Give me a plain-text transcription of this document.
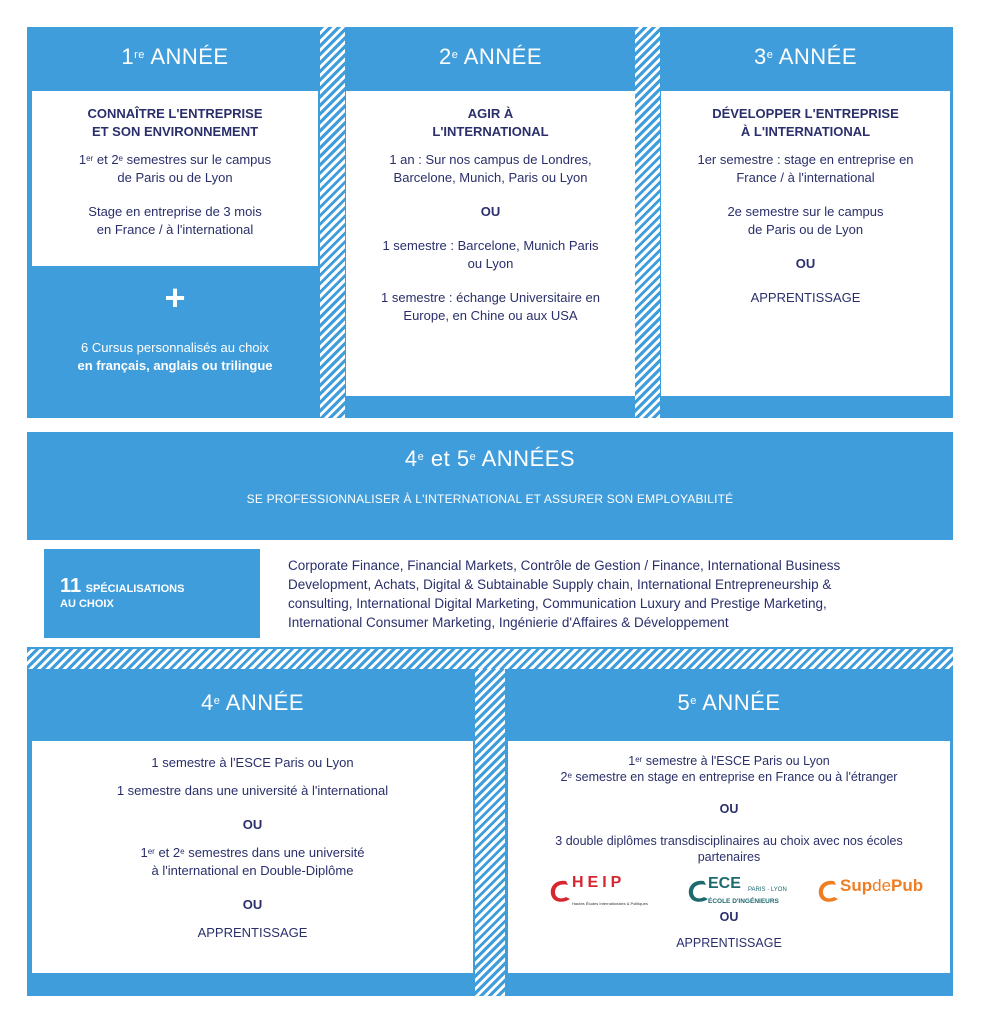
1re ANNÉE

CONNAÎTRE L'ENTREPRISE
ET SON ENVIRONNEMENT

1er et 2e semestres sur le campus
de Paris ou de Lyon

Stage en entreprise de 3 mois
en France / à l'international

+
6 Cursus personnalisés au choix
en français, anglais ou trilingue
2e ANNÉE

AGIR À
L'INTERNATIONAL

1 an : Sur nos campus de Londres,
Barcelone, Munich, Paris ou Lyon

OU

1 semestre : Barcelone, Munich Paris
ou Lyon

1 semestre : échange Universitaire en
Europe, en Chine ou aux USA

3e ANNÉE

DÉVELOPPER L'ENTREPRISE
À L'INTERNATIONAL

1er semestre : stage en entreprise en
France / à l'international

2e semestre sur le campus
de Paris ou de Lyon

OU

APPRENTISSAGE

4e et 5e ANNÉES
SE PROFESSIONNALISER À L'INTERNATIONAL ET ASSURER SON EMPLOYABILITÉ
11 SPÉCIALISATIONS
AU CHOIX
Corporate Finance, Financial Markets, Contrôle de Gestion / Finance, International Business
Development, Achats, Digital & Subtainable Supply chain, International Entrepreneurship &
consulting, International Digital Marketing, Communication Luxury and Prestige Marketing,
International Consumer Marketing, Ingénierie d'Affaires & Développement
4e ANNÉE

1 semestre à l'ESCE Paris ou Lyon

1 semestre dans une université à l'international

OU

1er et 2e semestres dans une université
à l'international en Double-Diplôme

OU

APPRENTISSAGE

5e ANNÉE

1er semestre à l'ESCE Paris ou Lyon
2e semestre en stage en entreprise en France ou à l'étranger

OU

3 double diplômes transdisciplinaires au choix avec nos écoles
partenaires

HEIP
Hautes Études Internationales & Politiques
ECE PARIS · LYON
ÉCOLE D'INGÉNIEURS
SupdePub

OU

APPRENTISSAGE
